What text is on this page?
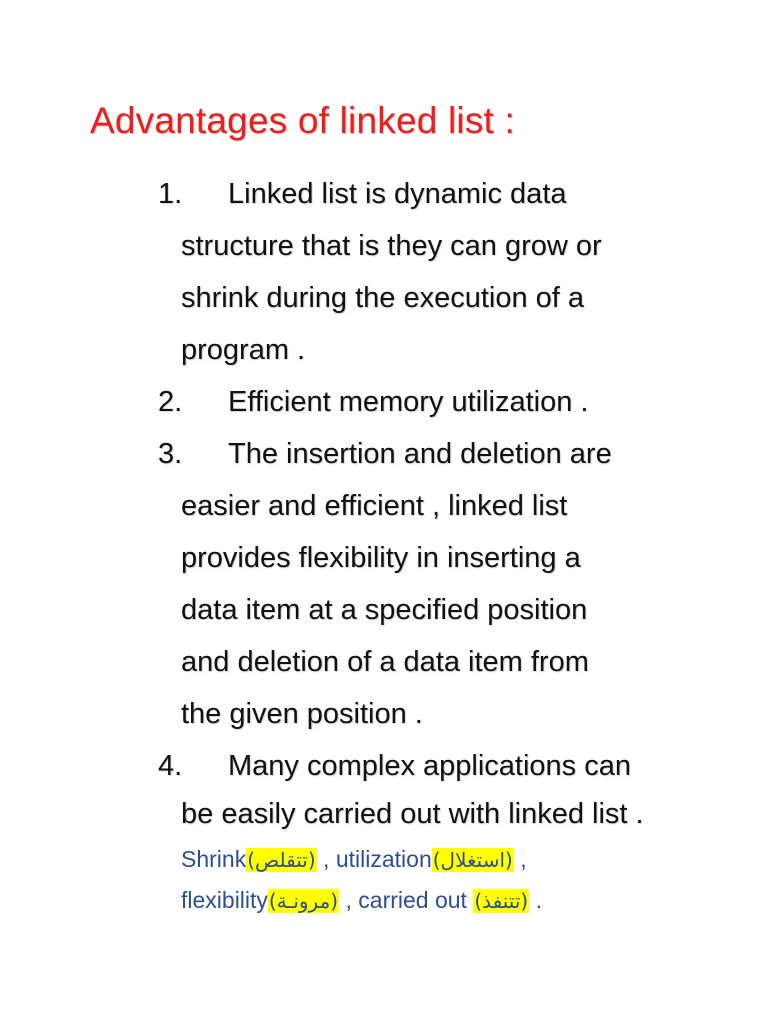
Advantages of linked list :
1. Linked list is dynamic data
structure that is they can grow or
shrink during the execution of a
program .
2. Efficient memory utilization .
3. The insertion and deletion are
easier and efficient , linked list
provides flexibility in inserting a
data item at a specified position
and deletion of a data item from
the given position .
4. Many complex applications can
be easily carried out with linked list .
Shrink(تتقلص) , utilization(استغلال) ,
flexibility(مرونـة) , carried out (تتنفذ) .
